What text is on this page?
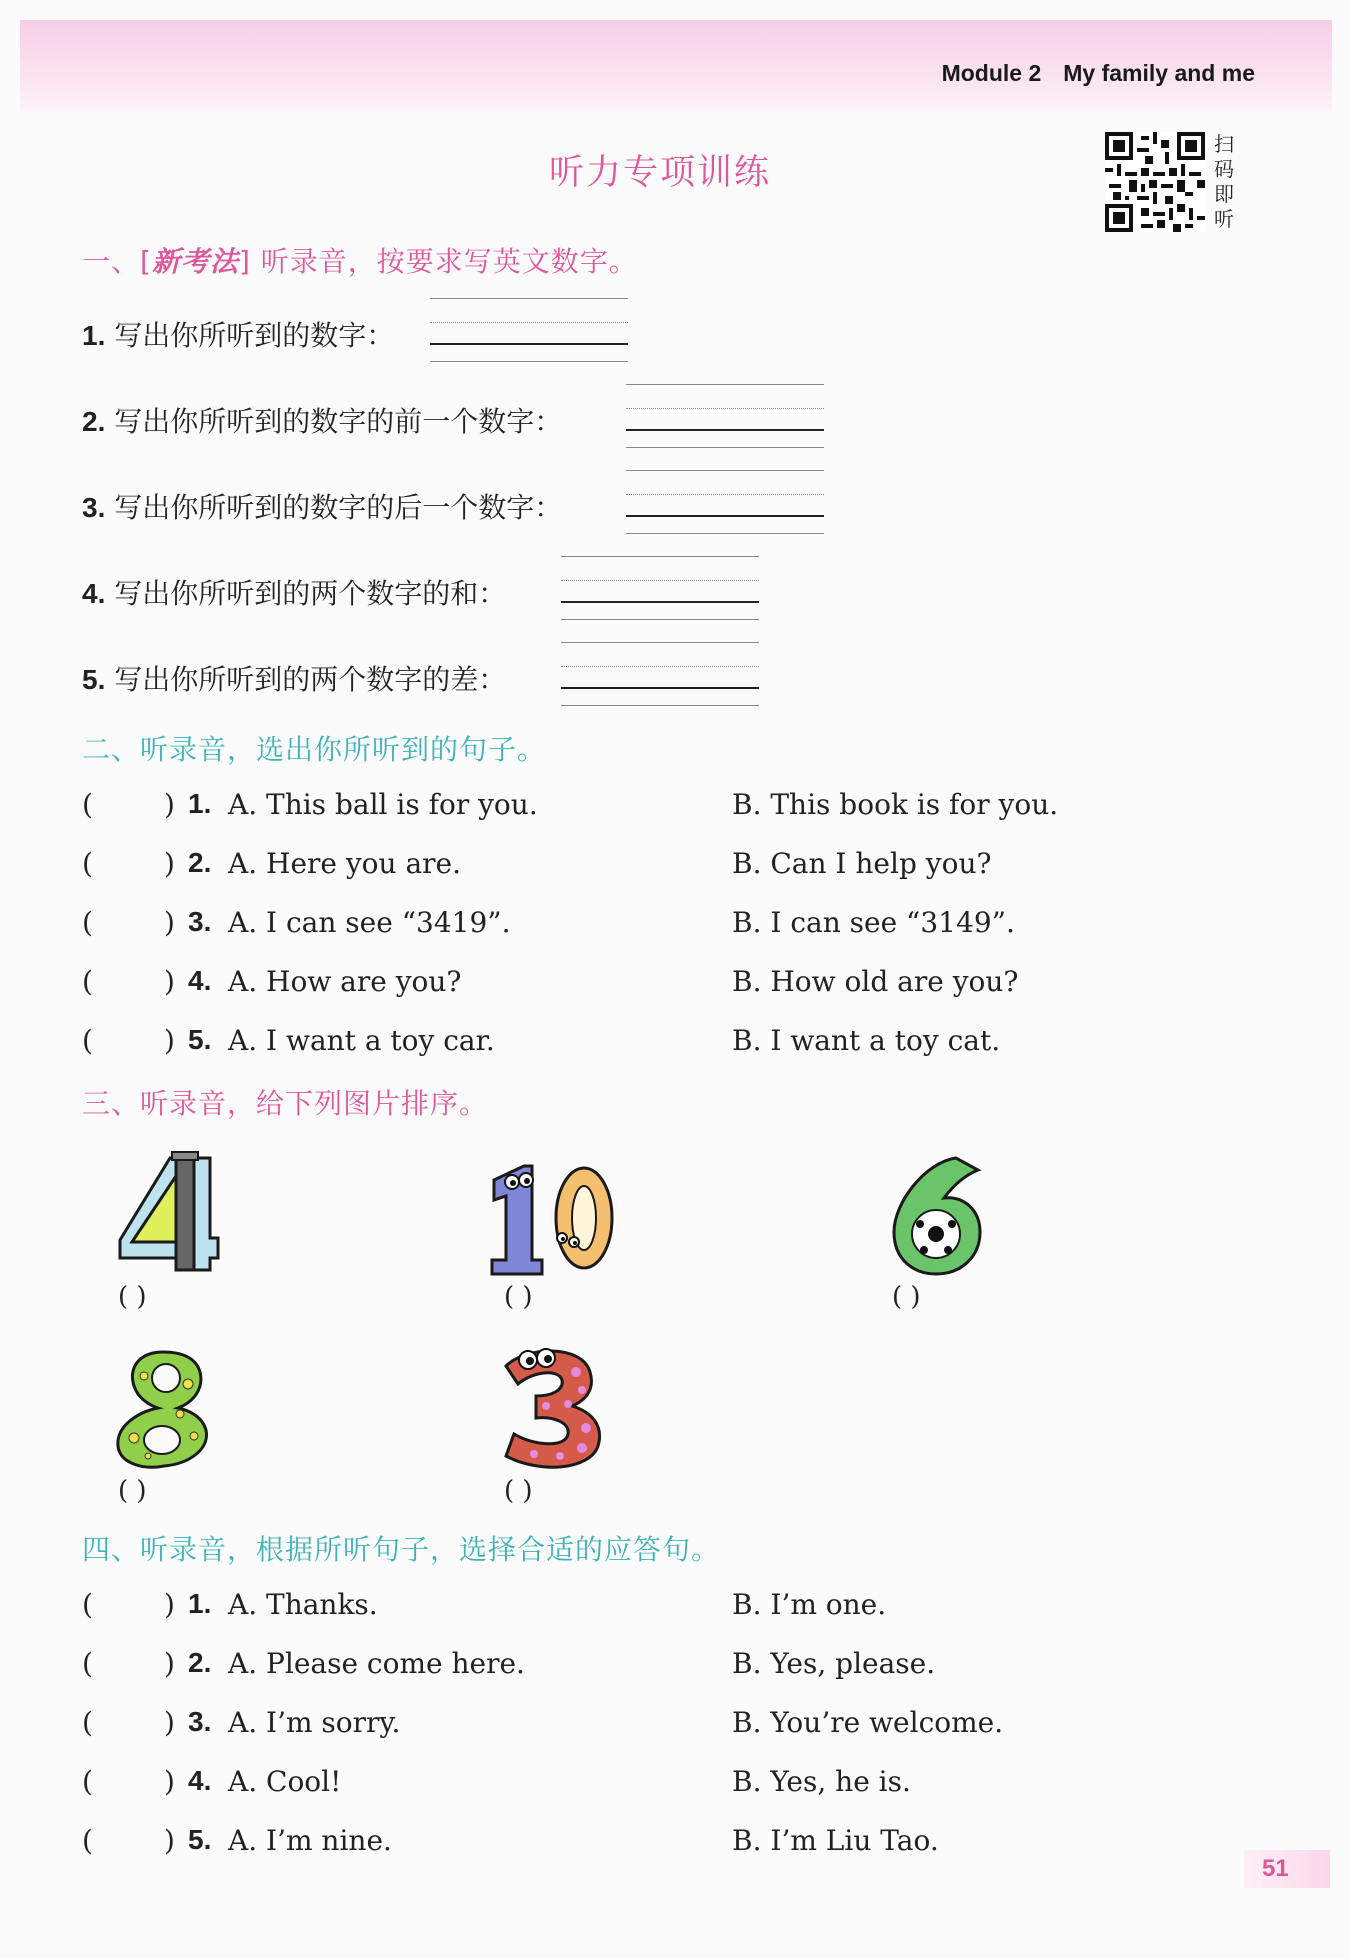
Module 2 My family and me
听力专项训练
扫
码
即
听
一、[新考法] 听录音，按要求写英文数字。
1. 写出你所听到的数字：
2. 写出你所听到的数字的前一个数字：
3. 写出你所听到的数字的后一个数字：
4. 写出你所听到的两个数字的和：
5. 写出你所听到的两个数字的差：
二、听录音，选出你所听到的句子。
(	) 1. A. This ball is for you.	B. This book is for you.
(	) 2. A. Here you are.	B. Can I help you?
(	) 3. A. I can see “3419”.	B. I can see “3149”.
(	) 4. A. How are you?	B. How old are you?
(	) 5. A. I want a toy car.	B. I want a toy cat.
三、听录音，给下列图片排序。
( )
10
( )	( )
( )	( )
四、听录音，根据所听句子，选择合适的应答句。
(	) 1. A. Thanks.	B. I’m one.
(	) 2. A. Please come here.	B. Yes, please.
(	) 3. A. I’m sorry.	B. You’re welcome.
(	) 4. A. Cool!	B. Yes, he is.
(	) 5. A. I’m nine.	B. I’m Liu Tao.
51
